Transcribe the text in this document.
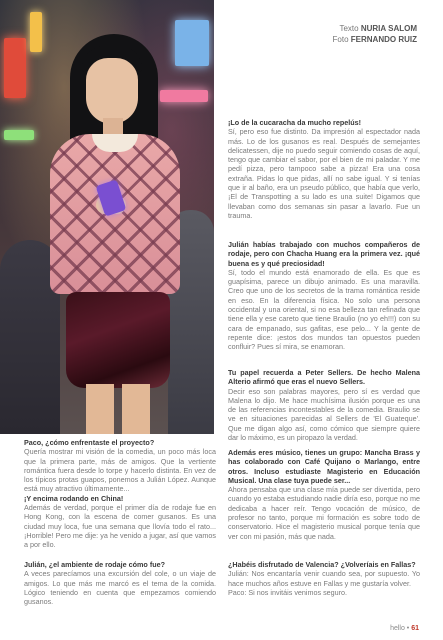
Texto NURIA SALOM
Foto FERNANDO RUIZ

¡Lo de la cucaracha da mucho repelús!

Sí, pero eso fue distinto. Da impresión al espectador nada más. Lo de los gusanos es real. Después de semejantes delicatessen, dije no puedo seguir comiendo cosas de aquí, tengo que cambiar el sabor, por el bien de mi paladar. Y me pedí pizza, pero tampoco sabe a pizza! Era una cosa extraña. Pidas lo que pidas, allí no sabe igual. Y si tenías que ir al baño, era un pseudo público, que había que verlo, ¡El de Transpotting a su lado es una suite! Digamos que llevaban como dos semanas sin pasar a lavarlo. Fue un trauma.

Julián habías trabajado con muchos compañeros de rodaje, pero con Chacha Huang era la primera vez. ¡qué buena es y qué preciosidad!

Sí, todo el mundo está enamorado de ella. Es que es guapísima, parece un dibujo animado. Es una maravilla. Creo que uno de los secretos de la trama romántica reside en eso. En la diferencia física. No solo una persona occidental y una oriental, si no esa belleza tan refinada que tiene ella y ese careto que tiene Braulio (no yo eh!!!) con su cara de empanado, sus gafitas, ese pelo... Y la gente de repente dice: ¡estos dos mundos tan opuestos pueden confluir? Pues sí mira, se enamoran.

Tu papel recuerda a Peter Sellers. De hecho Malena Alterio afirmó que eras el nuevo Sellers.

Decir eso son palabras mayores, pero sí es verdad que Malena lo dijo. Me hace muchísima ilusión porque es una de las referencias incontestables de la comedia. Braulio se ve en situaciones parecidas al Sellers de 'El Guateque'. Que me digan algo así, como cómico que siempre quiere dar lo máximo, es un piropazo la verdad.

Además eres músico, tienes un grupo: Mancha Brass y has colaborado con Café Quijano o Marlango, entre otros. Incluso estudiaste Magisterio en Educación Musical. Una clase tuya puede ser...

Ahora pensaba que una clase mía puede ser divertida, pero cuando yo estaba estudiando nadie diría eso, porque no me dedicaba a hacer reír. Tengo vocación de músico, de profesor no tanto, porque mi formación es sobre todo de conservatorio. Hice el magisterio musical porque tenía que ver con mi pasión, más que nada.

¿Habéis disfrutado de Valencia? ¿Volveríais en Fallas?

Julián: Nos encantaría venir cuando sea, por supuesto. Yo hace muchos años estuve en Fallas y me gustaría volver.

Paco: Si nos invitáis venimos seguro.

Paco, ¿cómo enfrentaste el proyecto?

Quería mostrar mi visión de la comedia, un poco más loca que la primera parte, más de amigos. Que la vertiente romántica fuera desde lo torpe y hacerlo distinta. En vez de los típicos protas guapos, ponemos a Julián López. Aunque está muy atractivo últimamente...

¡Y encima rodando en China!

Además de verdad, porque el primer día de rodaje fue en Hong Kong, con la escena de comer gusanos. Es una ciudad muy loca, fue una semana que llovía todo el rato... ¡Horrible! Pero me dije: ya he venido a jugar, así que vamos a por ello.

Julián, ¿el ambiente de rodaje cómo fue?

A veces parecíamos una excursión del cole, o un viaje de amigos. Lo que más me marcó es el tema de la comida. Lógico teniendo en cuenta que empezamos comiendo gusanos.

hello • 61
